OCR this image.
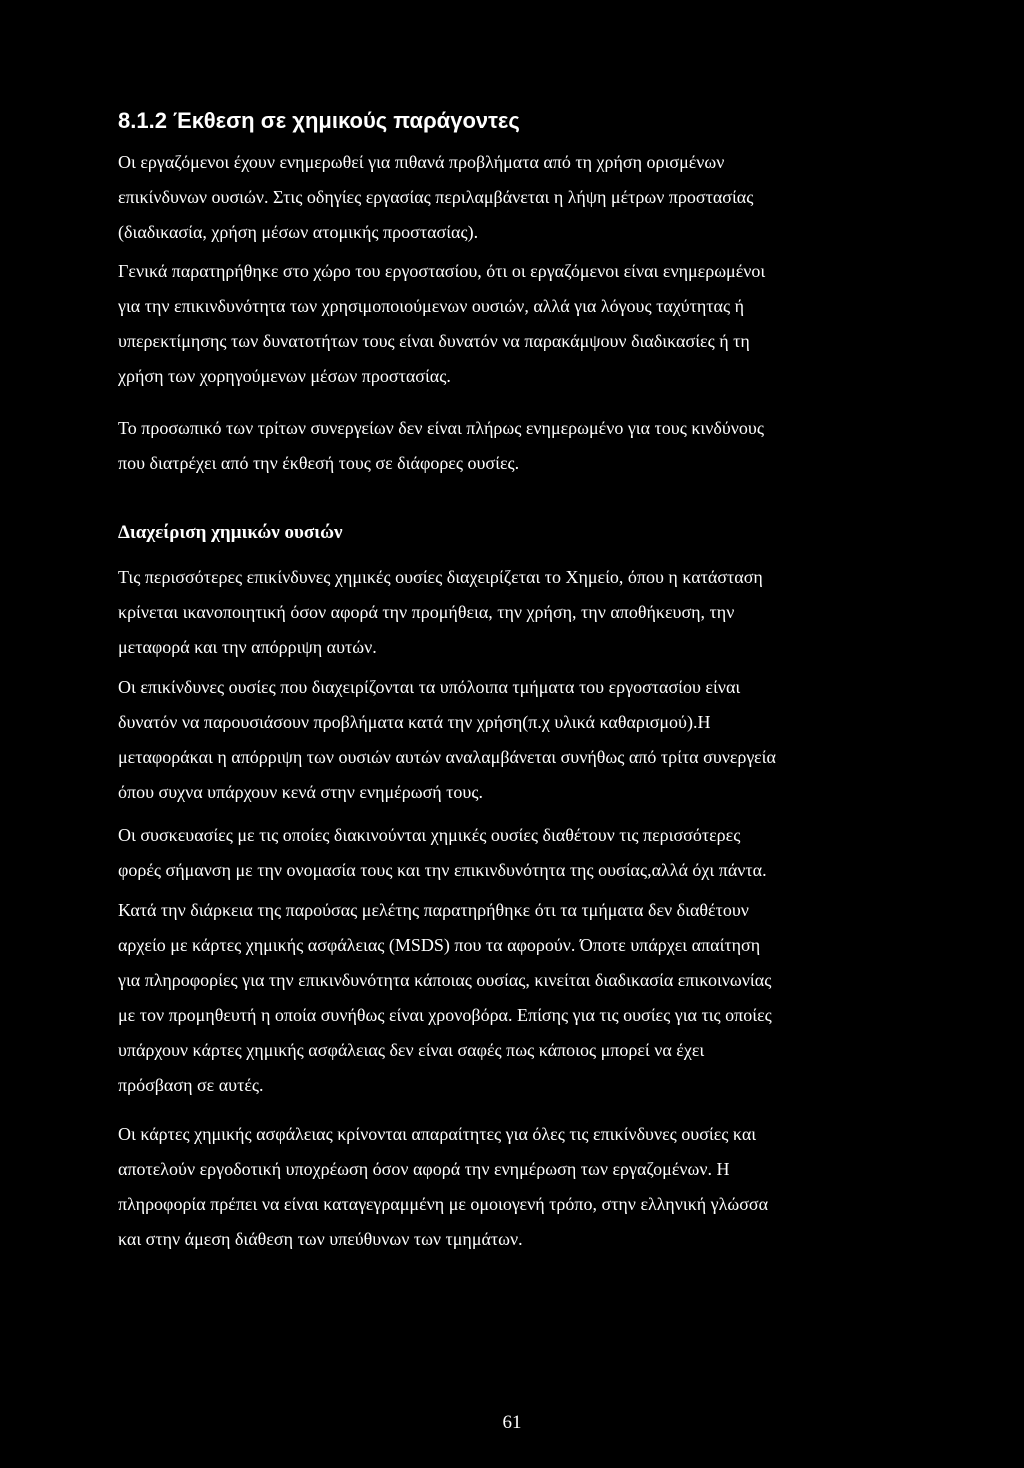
8.1.2 Έκθεση σε χημικούς παράγοντες

Οι εργαζόμενοι έχουν ενημερωθεί για πιθανά προβλήματα από τη χρήση ορισμένων
επικίνδυνων ουσιών. Στις οδηγίες εργασίας περιλαμβάνεται η λήψη μέτρων προστασίας
(διαδικασία, χρήση μέσων ατομικής προστασίας).

Γενικά παρατηρήθηκε στο χώρο του εργοστασίου, ότι οι εργαζόμενοι είναι ενημερωμένοι
για την επικινδυνότητα των χρησιμοποιούμενων ουσιών, αλλά για λόγους ταχύτητας ή
υπερεκτίμησης των δυνατοτήτων τους είναι δυνατόν να παρακάμψουν διαδικασίες ή τη
χρήση των χορηγούμενων μέσων προστασίας.

Το προσωπικό των τρίτων συνεργείων δεν είναι πλήρως ενημερωμένο για τους κινδύνους
που διατρέχει από την έκθεσή τους σε διάφορες ουσίες.

Διαχείριση χημικών ουσιών

Τις περισσότερες επικίνδυνες χημικές ουσίες διαχειρίζεται το Χημείο, όπου η κατάσταση
κρίνεται ικανοποιητική όσον αφορά την προμήθεια, την χρήση, την αποθήκευση, την
μεταφορά και την απόρριψη αυτών.

Οι επικίνδυνες ουσίες που διαχειρίζονται τα υπόλοιπα τμήματα του εργοστασίου είναι
δυνατόν να παρουσιάσουν προβλήματα κατά την χρήση(π.χ υλικά καθαρισμού).Η
μεταφοράκαι η απόρριψη των ουσιών αυτών αναλαμβάνεται συνήθως από τρίτα συνεργεία
όπου συχνα υπάρχουν κενά στην ενημέρωσή τους.

Οι συσκευασίες με τις οποίες διακινούνται χημικές ουσίες διαθέτουν τις περισσότερες
φορές σήμανση με την ονομασία τους και την επικινδυνότητα της ουσίας,αλλά όχι πάντα.

Κατά την διάρκεια της παρούσας μελέτης παρατηρήθηκε ότι τα τμήματα δεν διαθέτουν
αρχείο με κάρτες χημικής ασφάλειας (MSDS) που τα αφορούν. Όποτε υπάρχει απαίτηση
για πληροφορίες για την επικινδυνότητα κάποιας ουσίας, κινείται διαδικασία επικοινωνίας
με τον προμηθευτή η οποία συνήθως είναι χρονοβόρα. Επίσης για τις ουσίες για τις οποίες
υπάρχουν κάρτες χημικής ασφάλειας δεν είναι σαφές πως κάποιος μπορεί να έχει
πρόσβαση σε αυτές.

Οι κάρτες χημικής ασφάλειας κρίνονται απαραίτητες για όλες τις επικίνδυνες ουσίες και
αποτελούν εργοδοτική υποχρέωση όσον αφορά την ενημέρωση των εργαζομένων. Η
πληροφορία πρέπει να είναι καταγεγραμμένη με ομοιογενή τρόπο, στην ελληνική γλώσσα
και στην άμεση διάθεση των υπεύθυνων των τμημάτων.

61
